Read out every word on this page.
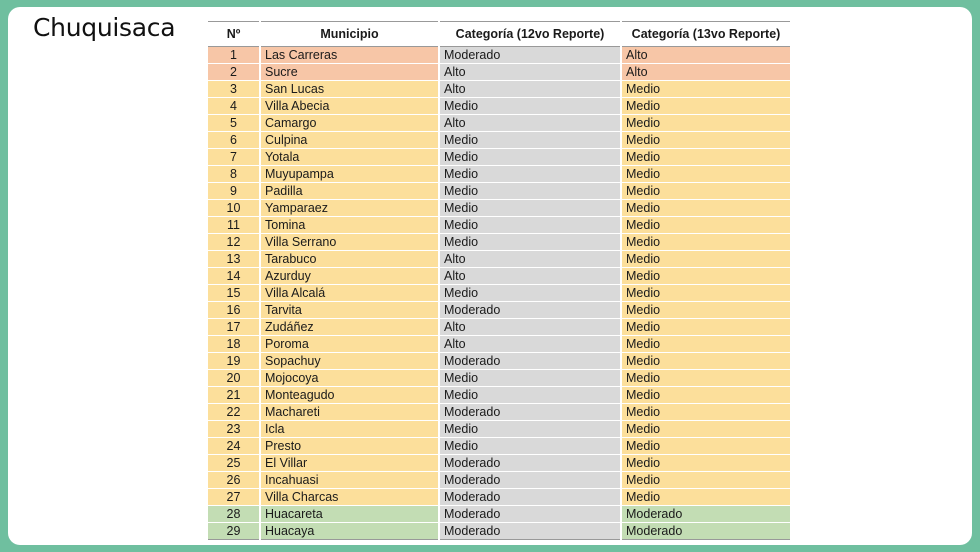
Chuquisaca	Nº	Municipio	Categoría (12vo Reporte)	Categoría (13vo Reporte)
1	Las Carreras	Moderado	Alto
2	Sucre	Alto	Alto
3	San Lucas	Alto	Medio
4	Villa Abecia	Medio	Medio
5	Camargo	Alto	Medio
6	Culpina	Medio	Medio
7	Yotala	Medio	Medio
8	Muyupampa	Medio	Medio
9	Padilla	Medio	Medio
10	Yamparaez	Medio	Medio
11	Tomina	Medio	Medio
12	Villa Serrano	Medio	Medio
13	Tarabuco	Alto	Medio
14	Azurduy	Alto	Medio
15	Villa Alcalá	Medio	Medio
16	Tarvita	Moderado	Medio
17	Zudáñez	Alto	Medio
18	Poroma	Alto	Medio
19	Sopachuy	Moderado	Medio
20	Mojocoya	Medio	Medio
21	Monteagudo	Medio	Medio
22	Machareti	Moderado	Medio
23	Icla	Medio	Medio
24	Presto	Medio	Medio
25	El Villar	Moderado	Medio
26	Incahuasi	Moderado	Medio
27	Villa Charcas	Moderado	Medio
28	Huacareta	Moderado	Moderado
29	Huacaya	Moderado	Moderado
